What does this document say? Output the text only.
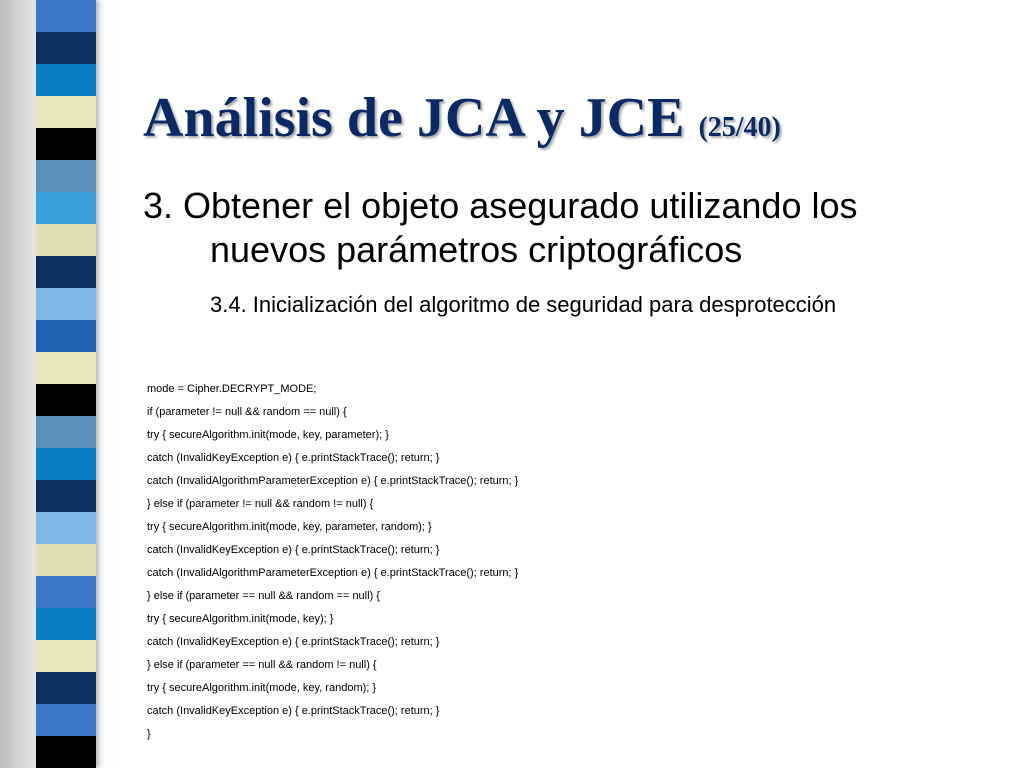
Análisis de JCA y JCE (25/40)

3. Obtener el objeto asegurado utilizando los
nuevos parámetros criptográficos

3.4. Inicialización del algoritmo de seguridad para desprotección

mode = Cipher.DECRYPT_MODE;
if (parameter != null && random == null) {
try { secureAlgorithm.init(mode, key, parameter); }
catch (InvalidKeyException e) { e.printStackTrace(); return; }
catch (InvalidAlgorithmParameterException e) { e.printStackTrace(); return; }
} else if (parameter != null && random != null) {
try { secureAlgorithm.init(mode, key, parameter, random); }
catch (InvalidKeyException e) { e.printStackTrace(); return; }
catch (InvalidAlgorithmParameterException e) { e.printStackTrace(); return; }
} else if (parameter == null && random == null) {
try { secureAlgorithm.init(mode, key); }
catch (InvalidKeyException e) { e.printStackTrace(); return; }
} else if (parameter == null && random != null) {
try { secureAlgorithm.init(mode, key, random); }
catch (InvalidKeyException e) { e.printStackTrace(); return; }
}
